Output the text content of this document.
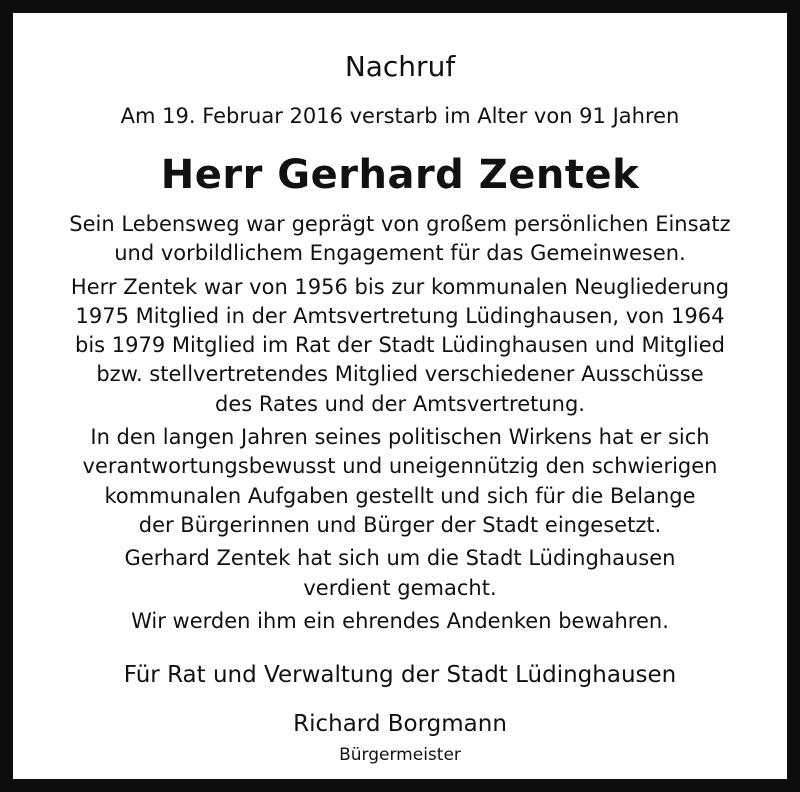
Nachruf
Am 19. Februar 2016 verstarb im Alter von 91 Jahren
Herr Gerhard Zentek
Sein Lebensweg war geprägt von großem persönlichen Einsatz
und vorbildlichem Engagement für das Gemeinwesen.
Herr Zentek war von 1956 bis zur kommunalen Neugliederung
1975 Mitglied in der Amtsvertretung Lüdinghausen, von 1964
bis 1979 Mitglied im Rat der Stadt Lüdinghausen und Mitglied
bzw. stellvertretendes Mitglied verschiedener Ausschüsse
des Rates und der Amtsvertretung.
In den langen Jahren seines politischen Wirkens hat er sich
verantwortungsbewusst und uneigennützig den schwierigen
kommunalen Aufgaben gestellt und sich für die Belange
der Bürgerinnen und Bürger der Stadt eingesetzt.
Gerhard Zentek hat sich um die Stadt Lüdinghausen
verdient gemacht.
Wir werden ihm ein ehrendes Andenken bewahren.
Für Rat und Verwaltung der Stadt Lüdinghausen
Richard Borgmann
Bürgermeister
